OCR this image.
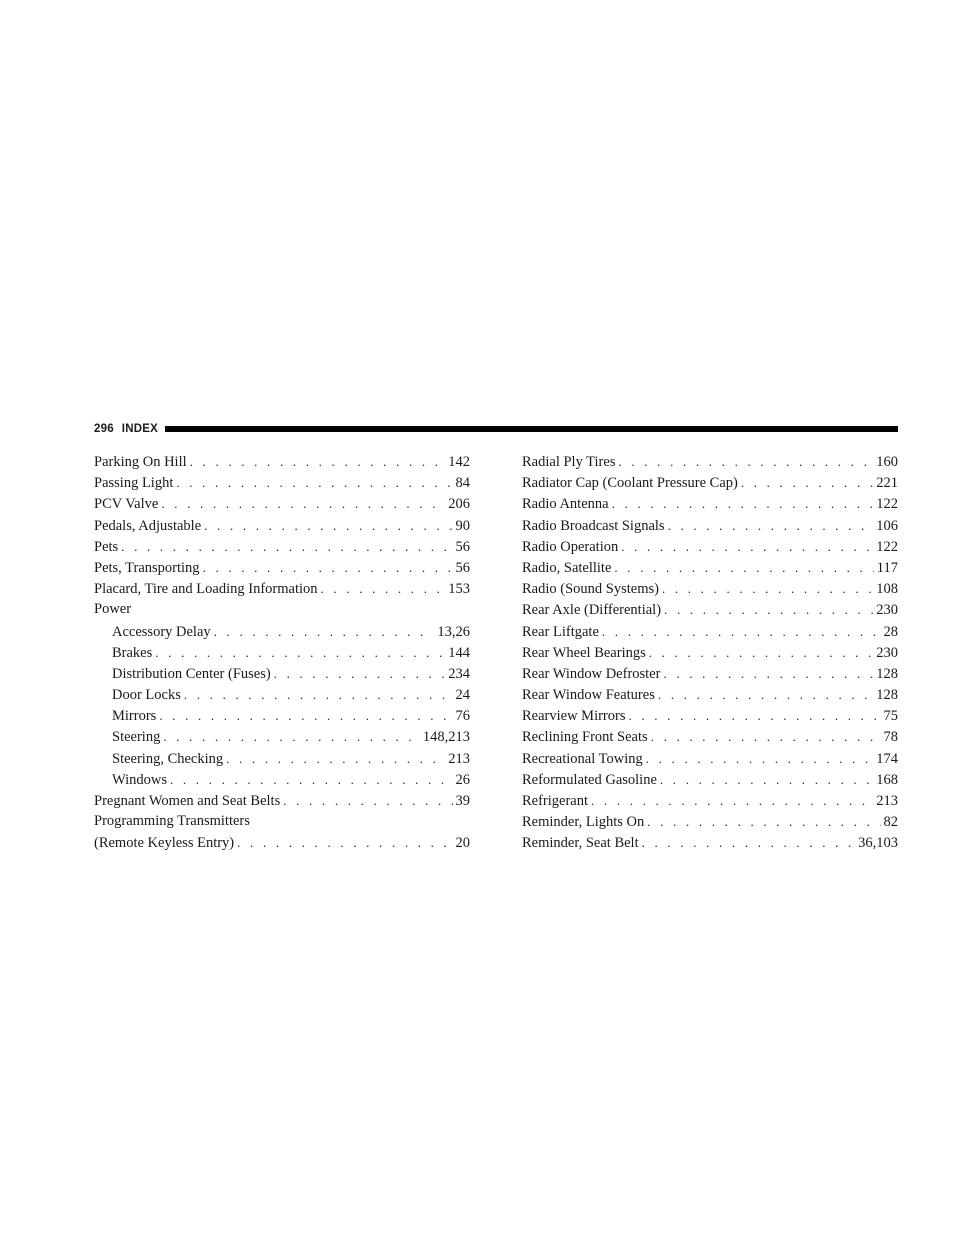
296 INDEX
Parking On Hill . . .	142
Passing Light . . .	84
PCV Valve . . .	206
Pedals, Adjustable . . .	90
Pets . . .	56
Pets, Transporting . . .	56
Placard, Tire and Loading Information . . .	153
Power
Accessory Delay . . .	13,26
Brakes . . .	144
Distribution Center (Fuses) . . .	234
Door Locks . . .	24
Mirrors . . .	76
Steering . . .	148,213
Steering, Checking . . .	213
Windows . . .	26
Pregnant Women and Seat Belts . . .	39
Programming Transmitters
(Remote Keyless Entry) . . .	20
Radial Ply Tires . . .	160
Radiator Cap (Coolant Pressure Cap) . . .	221
Radio Antenna . . .	122
Radio Broadcast Signals . . .	106
Radio Operation . . .	122
Radio, Satellite . . .	117
Radio (Sound Systems) . . .	108
Rear Axle (Differential) . . .	230
Rear Liftgate . . .	28
Rear Wheel Bearings . . .	230
Rear Window Defroster . . .	128
Rear Window Features . . .	128
Rearview Mirrors . . .	75
Reclining Front Seats . . .	78
Recreational Towing . . .	174
Reformulated Gasoline . . .	168
Refrigerant . . .	213
Reminder, Lights On . . .	82
Reminder, Seat Belt . . .	36,103
